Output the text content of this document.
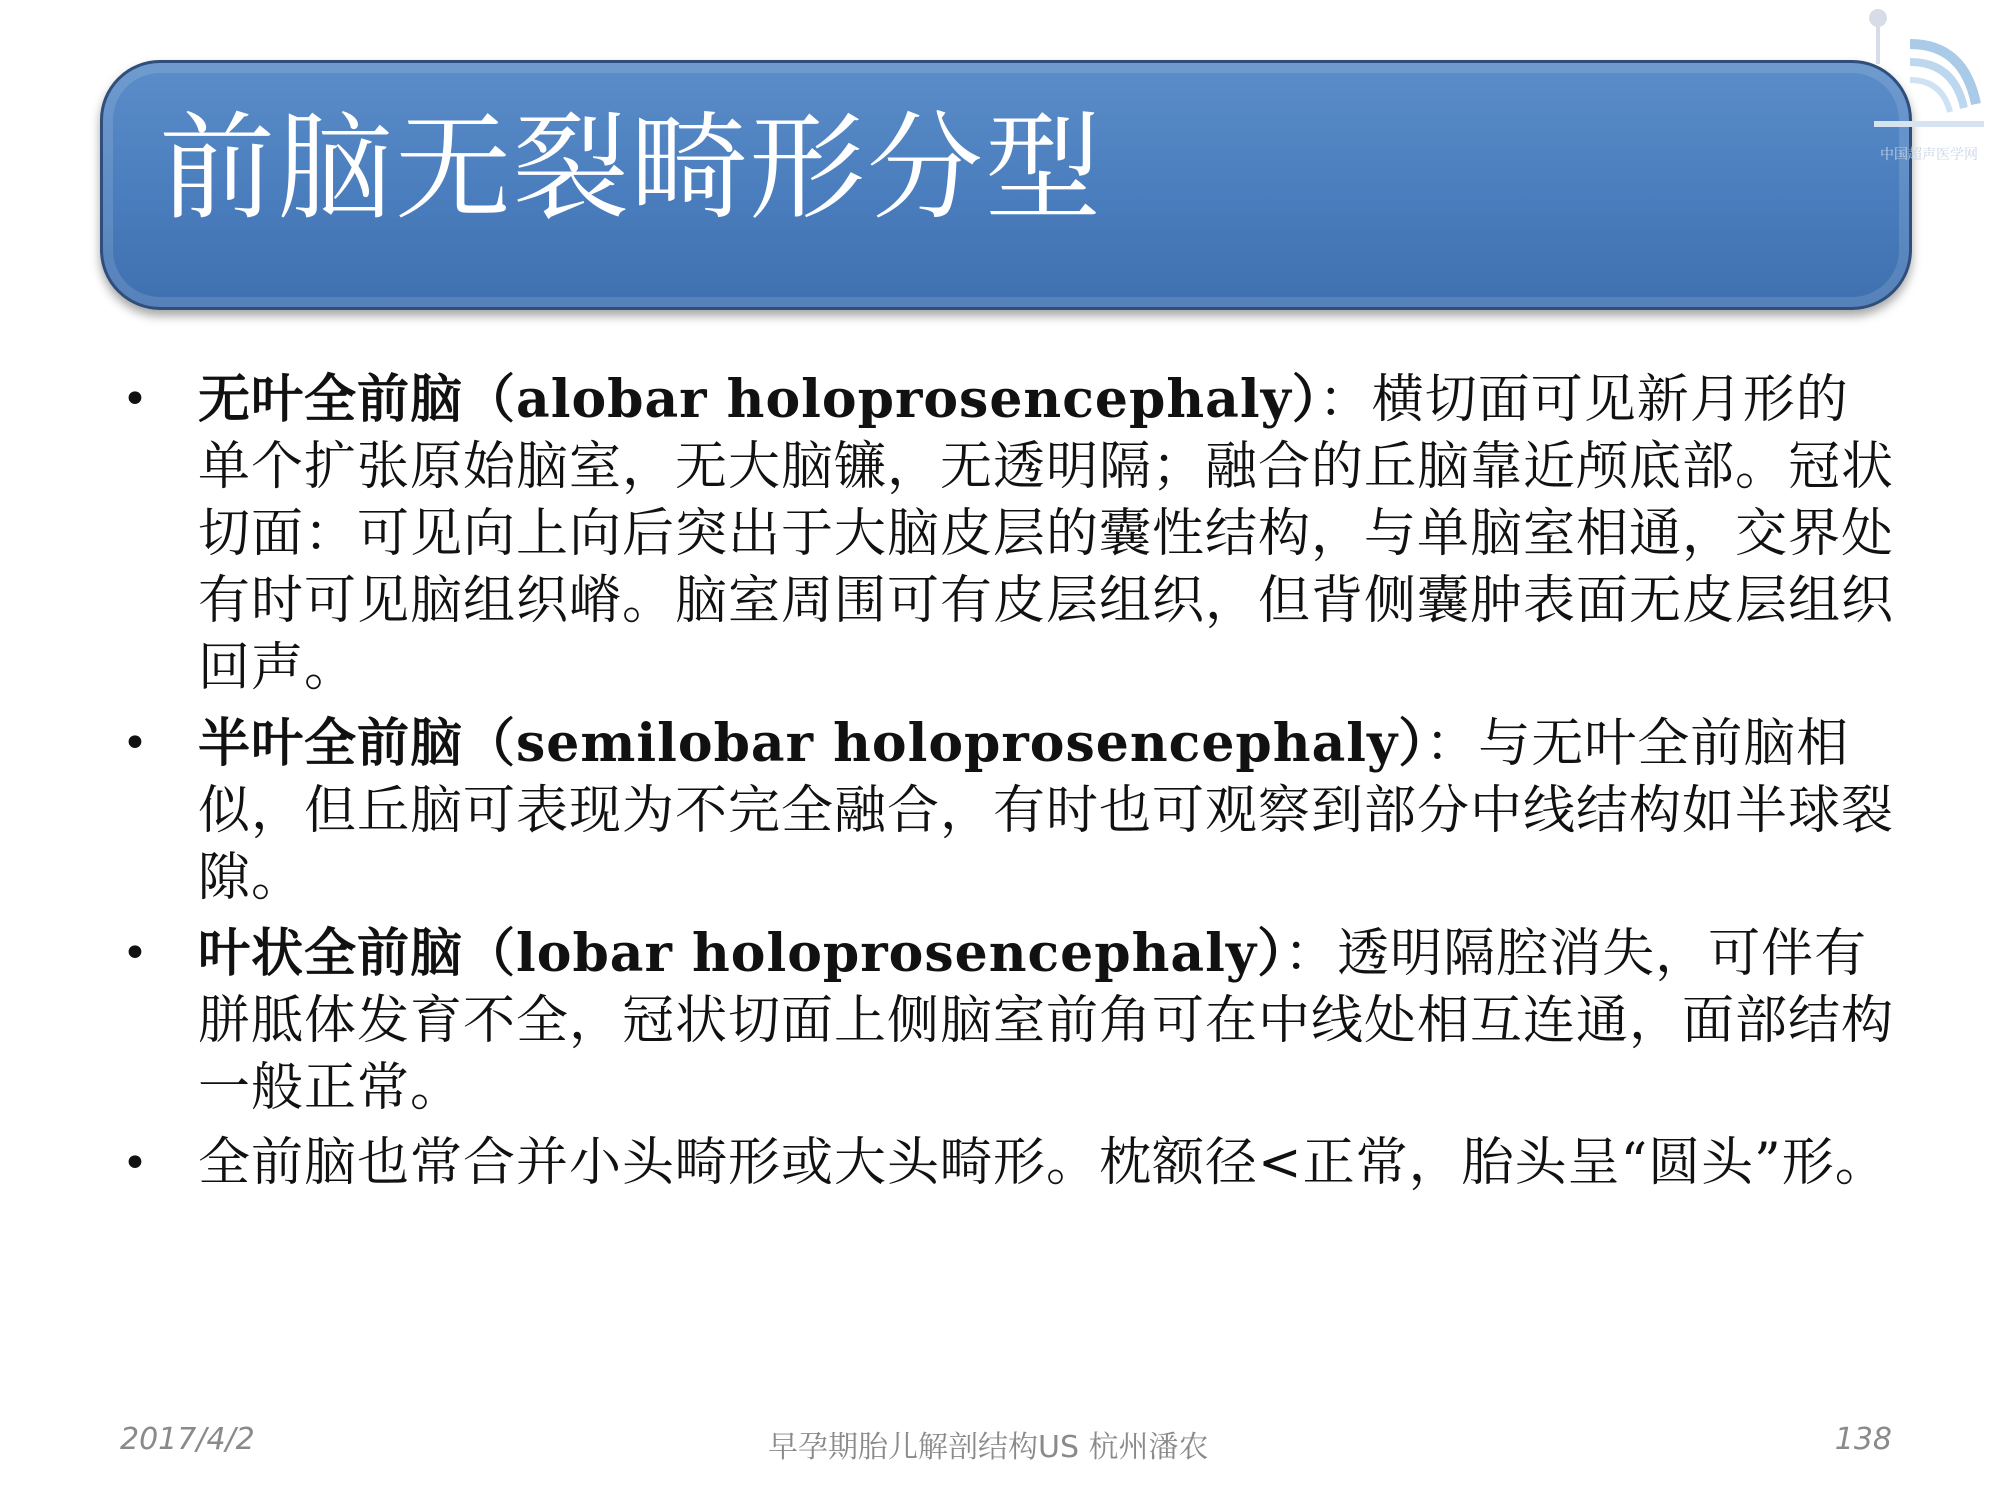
前脑无裂畸形分型	中国超声医学网
• 无叶全前脑（alobar holoprosencephaly）：横切面可见新月形的单个扩张原始脑室，无大脑镰，无透明隔；融合的丘脑靠近颅底部。冠状切面：可见向上向后突出于大脑皮层的囊性结构，与单脑室相通，交界处有时可见脑组织嵴。脑室周围可有皮层组织，但背侧囊肿表面无皮层组织回声。
• 半叶全前脑（semilobar holoprosencephaly）：与无叶全前脑相似，但丘脑可表现为不完全融合，有时也可观察到部分中线结构如半球裂隙。
• 叶状全前脑（lobar holoprosencephaly）：透明隔腔消失，可伴有胼胝体发育不全，冠状切面上侧脑室前角可在中线处相互连通，面部结构一般正常。
• 全前脑也常合并小头畸形或大头畸形。枕额径<正常，胎头呈“圆头”形。
2017/4/2	早孕期胎儿解剖结构US 杭州潘农	138
